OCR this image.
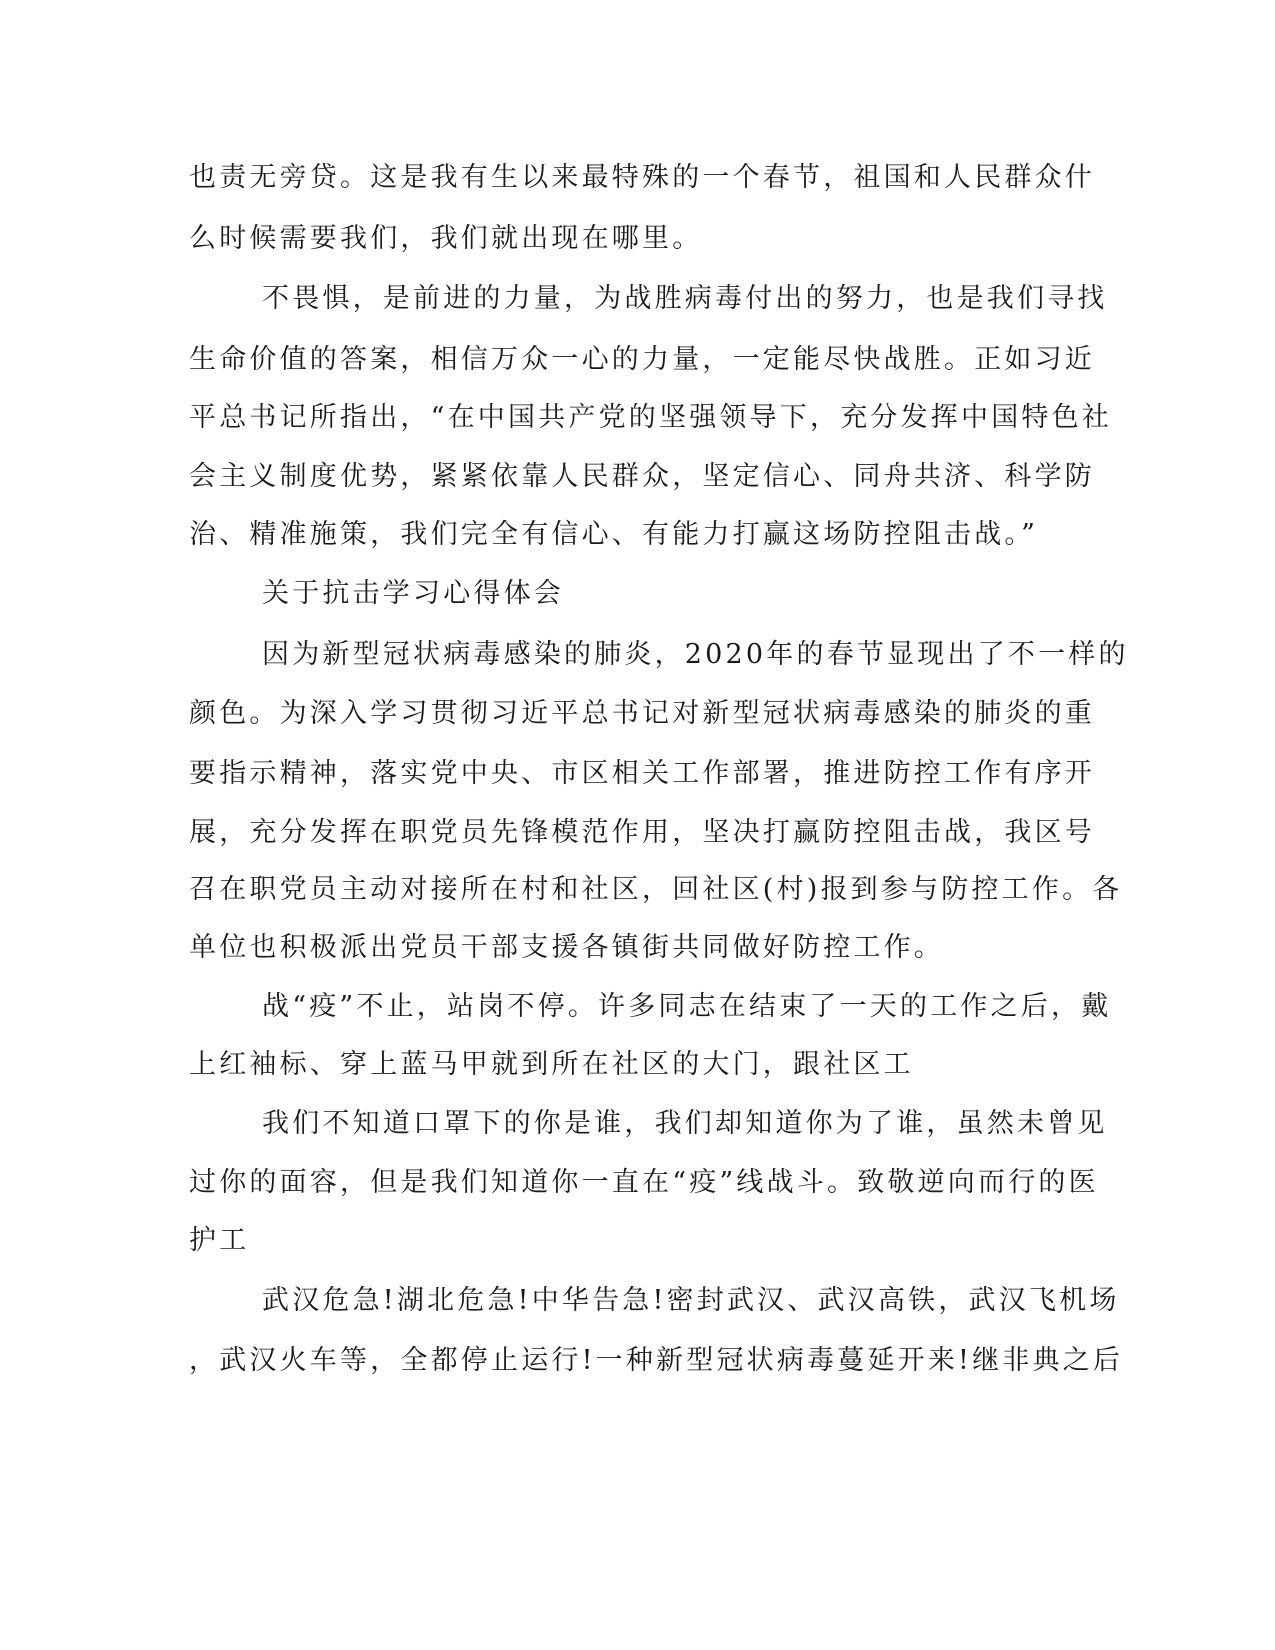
也责无旁贷。这是我有生以来最特殊的一个春节，祖国和人民群众什
么时候需要我们，我们就出现在哪里。
不畏惧，是前进的力量，为战胜病毒付出的努力，也是我们寻找
生命价值的答案，相信万众一心的力量，一定能尽快战胜。正如习近
平总书记所指出，“在中国共产党的坚强领导下，充分发挥中国特色社
会主义制度优势，紧紧依靠人民群众，坚定信心、同舟共济、科学防
治、精准施策，我们完全有信心、有能力打赢这场防控阻击战。”
关于抗击学习心得体会
因为新型冠状病毒感染的肺炎，2020年的春节显现出了不一样的
颜色。为深入学习贯彻习近平总书记对新型冠状病毒感染的肺炎的重
要指示精神，落实党中央、市区相关工作部署，推进防控工作有序开
展，充分发挥在职党员先锋模范作用，坚决打赢防控阻击战，我区号
召在职党员主动对接所在村和社区，回社区(村)报到参与防控工作。各
单位也积极派出党员干部支援各镇街共同做好防控工作。
战“疫”不止，站岗不停。许多同志在结束了一天的工作之后，戴
上红袖标、穿上蓝马甲就到所在社区的大门，跟社区工
我们不知道口罩下的你是谁，我们却知道你为了谁，虽然未曾见
过你的面容，但是我们知道你一直在“疫”线战斗。致敬逆向而行的医
护工
武汉危急!湖北危急!中华告急!密封武汉、武汉高铁，武汉飞机场
，武汉火车等，全都停止运行!一种新型冠状病毒蔓延开来!继非典之后
